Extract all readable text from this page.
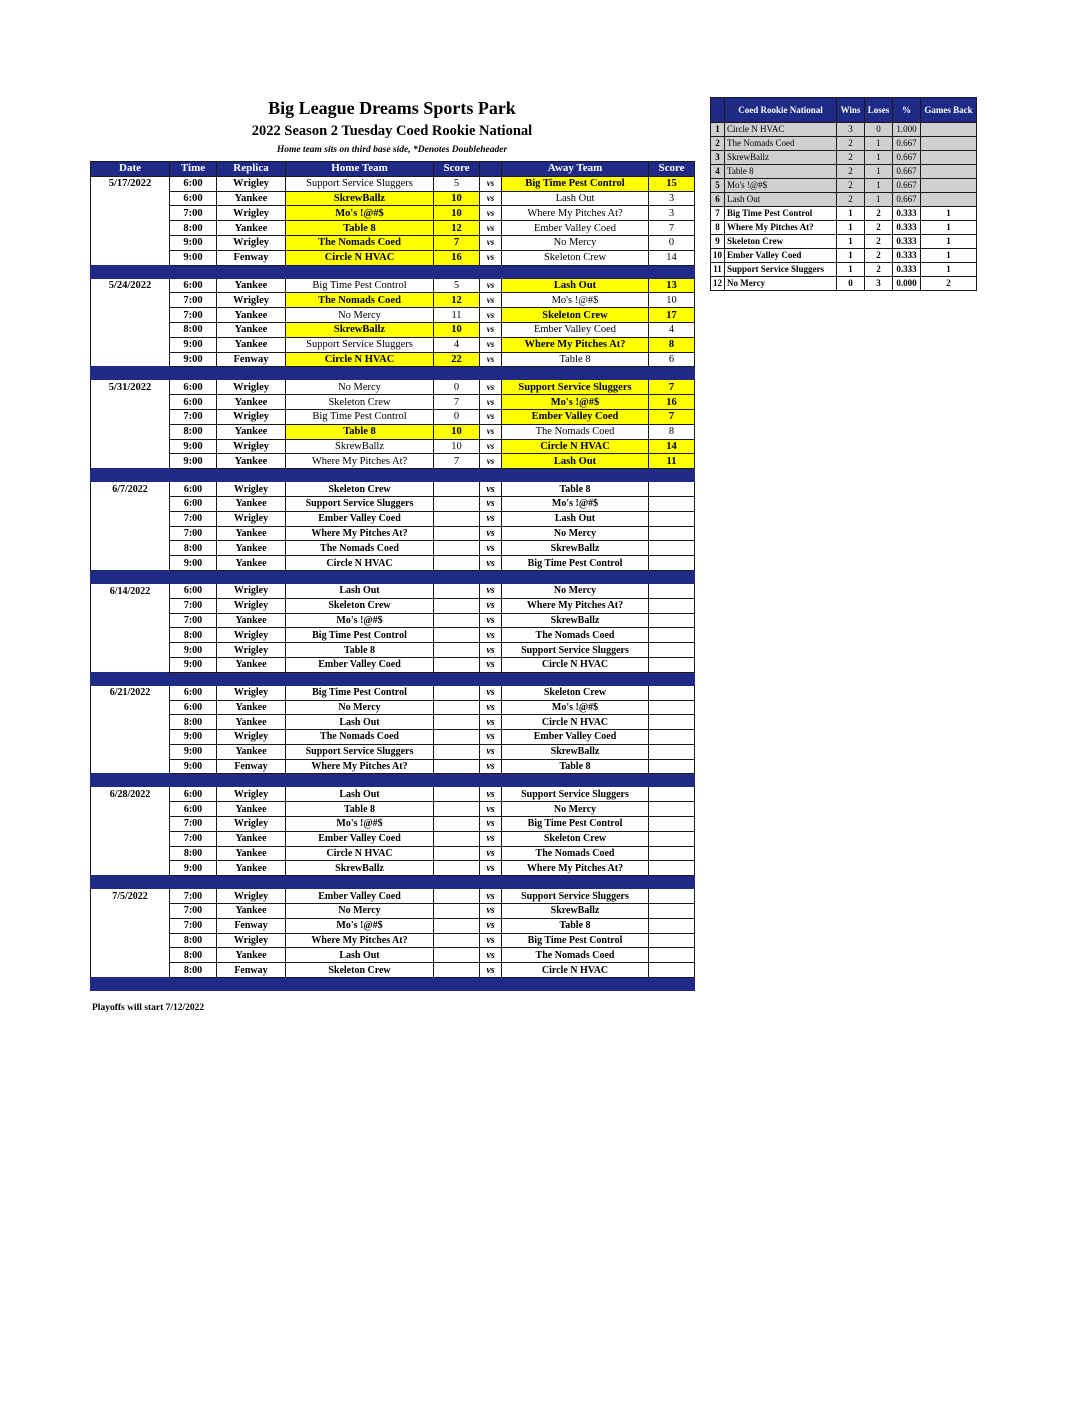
Big League Dreams Sports Park
2022 Season 2 Tuesday Coed Rookie National
Home team sits on third base side, *Denotes Doubleheader
Date	Time	Replica	Home Team	Score		Away Team	Score
5/17/2022	6:00	Wrigley	Support Service Sluggers	5	vs	Big Time Pest Control	15
	6:00	Yankee	SkrewBallz	10	vs	Lash Out	3
	7:00	Wrigley	Mo's !@#$	10	vs	Where My Pitches At?	3
	8:00	Yankee	Table 8	12	vs	Ember Valley Coed	7
	9:00	Wrigley	The Nomads Coed	7	vs	No Mercy	0
	9:00	Fenway	Circle N HVAC	16	vs	Skeleton Crew	14

5/24/2022	6:00	Yankee	Big Time Pest Control	5	vs	Lash Out	13
	7:00	Wrigley	The Nomads Coed	12	vs	Mo's !@#$	10
	7:00	Yankee	No Mercy	11	vs	Skeleton Crew	17
	8:00	Yankee	SkrewBallz	10	vs	Ember Valley Coed	4
	9:00	Yankee	Support Service Sluggers	4	vs	Where My Pitches At?	8
	9:00	Fenway	Circle N HVAC	22	vs	Table 8	6

5/31/2022	6:00	Wrigley	No Mercy	0	vs	Support Service Sluggers	7
	6:00	Yankee	Skeleton Crew	7	vs	Mo's !@#$	16
	7:00	Wrigley	Big Time Pest Control	0	vs	Ember Valley Coed	7
	8:00	Yankee	Table 8	10	vs	The Nomads Coed	8
	9:00	Wrigley	SkrewBallz	10	vs	Circle N HVAC	14
	9:00	Yankee	Where My Pitches At?	7	vs	Lash Out	11

6/7/2022	6:00	Wrigley	Skeleton Crew		vs	Table 8	
	6:00	Yankee	Support Service Sluggers		vs	Mo's !@#$	
	7:00	Wrigley	Ember Valley Coed		vs	Lash Out	
	7:00	Yankee	Where My Pitches At?		vs	No Mercy	
	8:00	Yankee	The Nomads Coed		vs	SkrewBallz	
	9:00	Yankee	Circle N HVAC		vs	Big Time Pest Control	

6/14/2022	6:00	Wrigley	Lash Out		vs	No Mercy	
	7:00	Wrigley	Skeleton Crew		vs	Where My Pitches At?	
	7:00	Yankee	Mo's !@#$		vs	SkrewBallz	
	8:00	Wrigley	Big Time Pest Control		vs	The Nomads Coed	
	9:00	Wrigley	Table 8		vs	Support Service Sluggers	
	9:00	Yankee	Ember Valley Coed		vs	Circle N HVAC	

6/21/2022	6:00	Wrigley	Big Time Pest Control		vs	Skeleton Crew	
	6:00	Yankee	No Mercy		vs	Mo's !@#$	
	8:00	Yankee	Lash Out		vs	Circle N HVAC	
	9:00	Wrigley	The Nomads Coed		vs	Ember Valley Coed	
	9:00	Yankee	Support Service Sluggers		vs	SkrewBallz	
	9:00	Fenway	Where My Pitches At?		vs	Table 8	

6/28/2022	6:00	Wrigley	Lash Out		vs	Support Service Sluggers	
	6:00	Yankee	Table 8		vs	No Mercy	
	7:00	Wrigley	Mo's !@#$		vs	Big Time Pest Control	
	7:00	Yankee	Ember Valley Coed		vs	Skeleton Crew	
	8:00	Yankee	Circle N HVAC		vs	The Nomads Coed	
	9:00	Yankee	SkrewBallz		vs	Where My Pitches At?	

7/5/2022	7:00	Wrigley	Ember Valley Coed		vs	Support Service Sluggers	
	7:00	Yankee	No Mercy		vs	SkrewBallz	
	7:00	Fenway	Mo's !@#$		vs	Table 8	
	8:00	Wrigley	Where My Pitches At?		vs	Big Time Pest Control	
	8:00	Yankee	Lash Out		vs	The Nomads Coed	
	8:00	Fenway	Skeleton Crew		vs	Circle N HVAC	

Playoffs will start 7/12/2022
	Coed Rookie National	Wins	Loses	%	Games Back
1	Circle N HVAC	3	0	1.000	
2	The Nomads Coed	2	1	0.667	
3	SkrewBallz	2	1	0.667	
4	Table 8	2	1	0.667	
5	Mo's !@#$	2	1	0.667	
6	Lash Out	2	1	0.667	
7	Big Time Pest Control	1	2	0.333	1
8	Where My Pitches At?	1	2	0.333	1
9	Skeleton Crew	1	2	0.333	1
10	Ember Valley Coed	1	2	0.333	1
11	Support Service Sluggers	1	2	0.333	1
12	No Mercy	0	3	0.000	2
